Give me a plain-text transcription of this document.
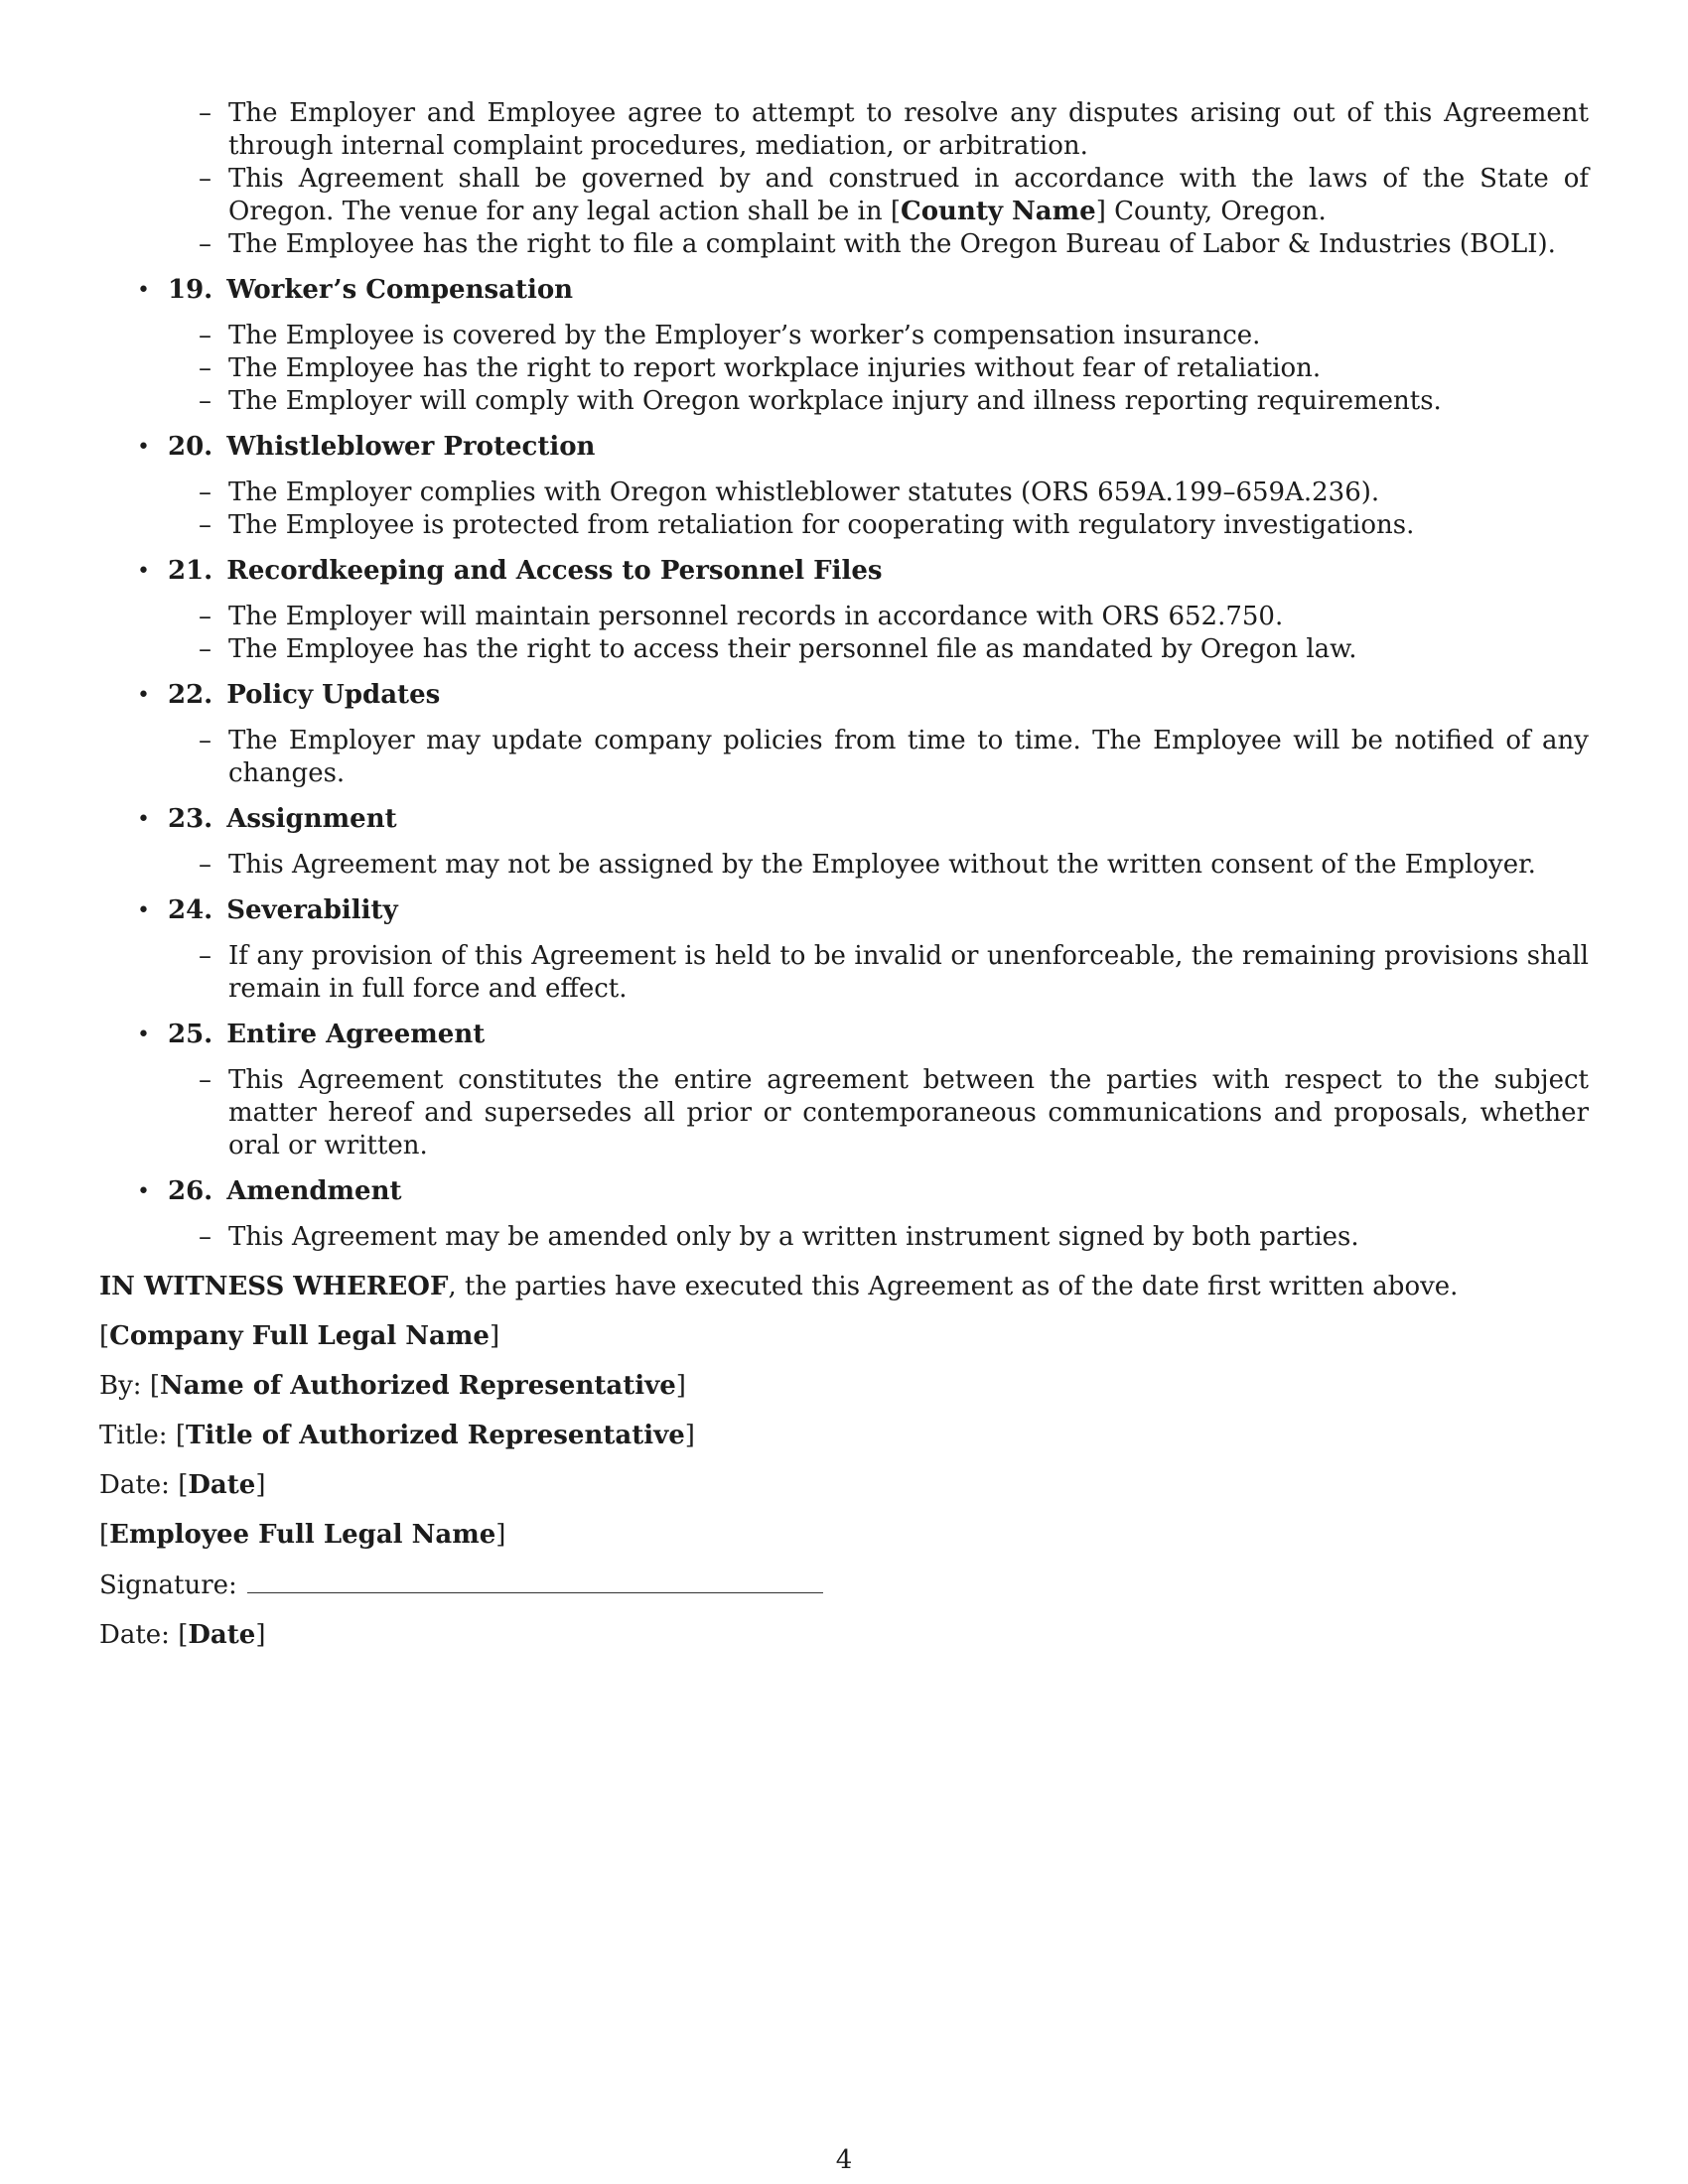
– The Employer and Employee agree to attempt to resolve any disputes arising out of this Agreement through internal complaint procedures, mediation, or arbitration.
– This Agreement shall be governed by and construed in accordance with the laws of the State of Oregon. The venue for any legal action shall be in [County Name] County, Oregon.
– The Employee has the right to file a complaint with the Oregon Bureau of Labor & Industries (BOLI).
• 19. Worker’s Compensation
– The Employee is covered by the Employer’s worker’s compensation insurance.
– The Employee has the right to report workplace injuries without fear of retaliation.
– The Employer will comply with Oregon workplace injury and illness reporting requirements.
• 20. Whistleblower Protection
– The Employer complies with Oregon whistleblower statutes (ORS 659A.199–659A.236).
– The Employee is protected from retaliation for cooperating with regulatory investigations.
• 21. Recordkeeping and Access to Personnel Files
– The Employer will maintain personnel records in accordance with ORS 652.750.
– The Employee has the right to access their personnel file as mandated by Oregon law.
• 22. Policy Updates
– The Employer may update company policies from time to time. The Employee will be notified of any changes.
• 23. Assignment
– This Agreement may not be assigned by the Employee without the written consent of the Employer.
• 24. Severability
– If any provision of this Agreement is held to be invalid or unenforceable, the remaining provisions shall remain in full force and effect.
• 25. Entire Agreement
– This Agreement constitutes the entire agreement between the parties with respect to the subject matter hereof and supersedes all prior or contemporaneous communications and proposals, whether oral or written.
• 26. Amendment
– This Agreement may be amended only by a written instrument signed by both parties.
IN WITNESS WHEREOF, the parties have executed this Agreement as of the date first written above.
[Company Full Legal Name]
By: [Name of Authorized Representative]
Title: [Title of Authorized Representative]
Date: [Date]
[Employee Full Legal Name]
Signature:
Date: [Date]
4
